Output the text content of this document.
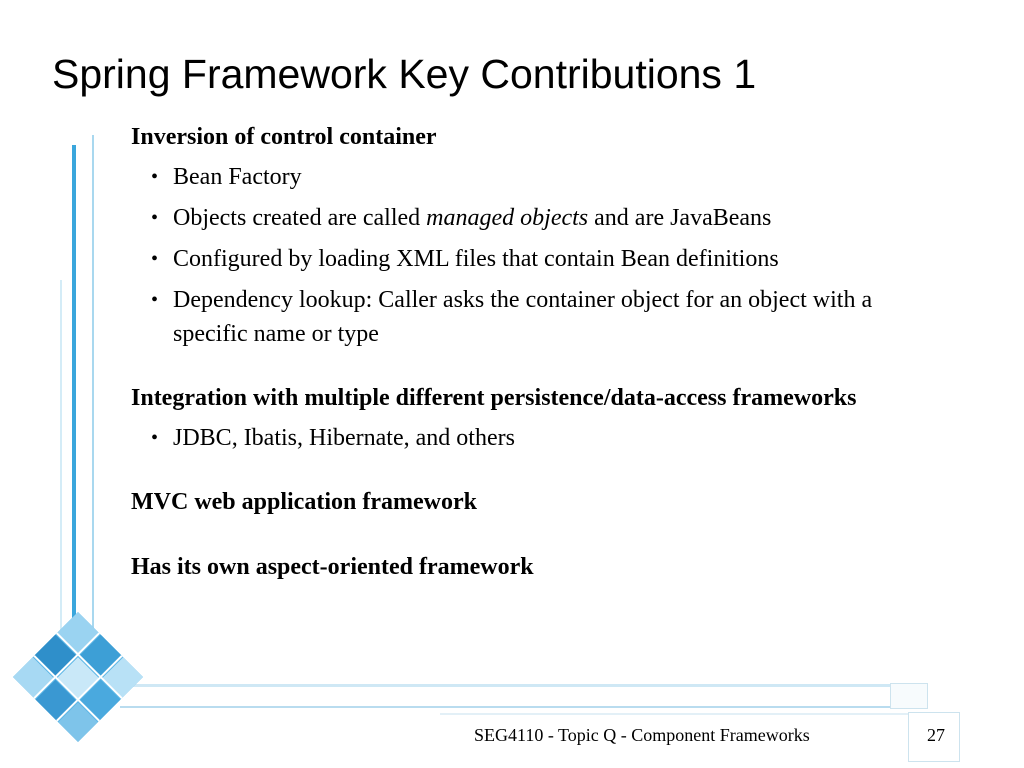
Spring Framework Key Contributions 1

Inversion of control container

• Bean Factory
• Objects created are called managed objects and are JavaBeans
• Configured by loading XML files that contain Bean definitions
• Dependency lookup: Caller asks the container object for an object with a specific name or type

Integration with multiple different persistence/data-access frameworks

• JDBC, Ibatis, Hibernate, and others

MVC web application framework

Has its own aspect-oriented framework

SEG4110 - Topic Q - Component Frameworks	27
